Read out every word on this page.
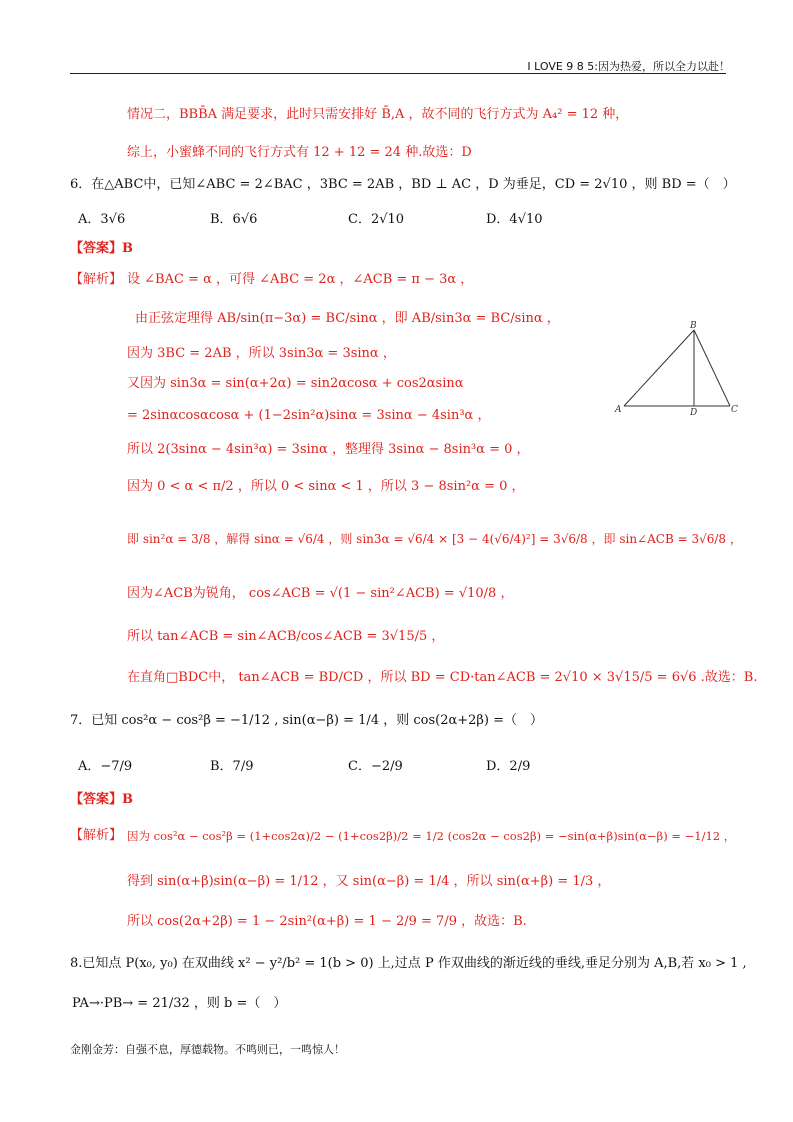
I LOVE 9 8 5:因为热爱，所以全力以赴！
情况二，BBB̄A 满足要求，此时只需安排好 B̄,A ，故不同的飞行方式为 A₄² = 12 种，
综上，小蜜蜂不同的飞行方式有 12 + 12 = 24 种.故选：D
6．在△ABC中，已知∠ABC = 2∠BAC ，3BC = 2AB ，BD ⊥ AC ，D 为垂足，CD = 2√10 ，则 BD =（　）
A．3√6	B．6√6	C．2√10	D．4√10
【答案】B
【解析】 设 ∠BAC = α ，可得 ∠ABC = 2α ，∠ACB = π − 3α ，
由正弦定理得 AB/sin(π−3α) = BC/sinα ，即 AB/sin3α = BC/sinα ，
因为 3BC = 2AB ，所以 3sin3α = 3sinα ，
又因为 sin3α = sin(α+2α) = sin2αcosα + cos2αsinα
= 2sinαcosαcosα + (1−2sin²α)sinα = 3sinα − 4sin³α ，
所以 2(3sinα − 4sin³α) = 3sinα ，整理得 3sinα − 8sin³α = 0 ，
因为 0 < α < π/2 ，所以 0 < sinα < 1 ，所以 3 − 8sin²α = 0 ，
即 sin²α = 3/8 ，解得 sinα = √6/4 ，则 sin3α = √6/4 × [3 − 4(√6/4)²] = 3√6/8 ，即 sin∠ACB = 3√6/8 ，
因为∠ACB为锐角， cos∠ACB = √(1 − sin²∠ACB) = √10/8 ，
所以 tan∠ACB = sin∠ACB/cos∠ACB = 3√15/5 ，
在直角□BDC中， tan∠ACB = BD/CD ，所以 BD = CD·tan∠ACB = 2√10 × 3√15/5 = 6√6 .故选：B.
A
B
C
D
7．已知 cos²α − cos²β = −1/12 , sin(α−β) = 1/4 ，则 cos(2α+2β) =（　）
A．−7/9	B．7/9	C．−2/9	D．2/9
【答案】B
【解析】 因为 cos²α − cos²β = (1+cos2α)/2 − (1+cos2β)/2 = 1/2 (cos2α − cos2β) = −sin(α+β)sin(α−β) = −1/12 ，
得到 sin(α+β)sin(α−β) = 1/12 ，又 sin(α−β) = 1/4 ，所以 sin(α+β) = 1/3 ，
所以 cos(2α+2β) = 1 − 2sin²(α+β) = 1 − 2/9 = 7/9 ，故选：B.
8.已知点 P(x₀, y₀) 在双曲线 x² − y²/b² = 1(b > 0) 上,过点 P 作双曲线的渐近线的垂线,垂足分别为 A,B,若 x₀ > 1 ,
PA→·PB→ = 21/32 ，则 b =（　）
金刚金芳：自强不息，厚德载物。不鸣则已，一鸣惊人！
